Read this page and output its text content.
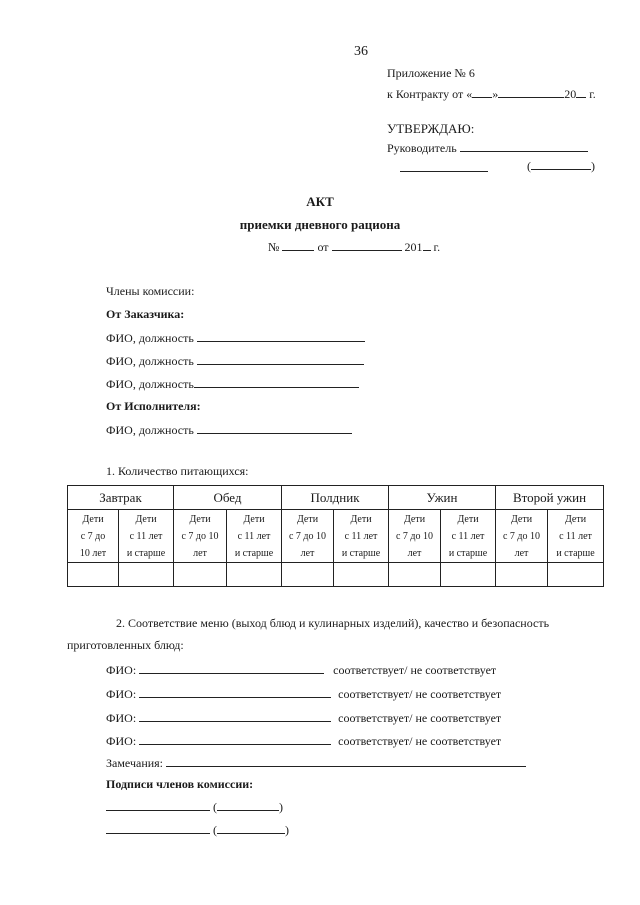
36
Приложение № 6
к Контракту от « »	20 г.
УТВЕРЖДАЮ:
Руководитель
(	)
АКТ
приемки дневного рациона
№	от	201 г.
Члены комиссии:
От Заказчика:
ФИО, должность
ФИО, должность
ФИО, должность
От Исполнителя:
ФИО, должность
1. Количество питающихся:
Завтрак		Обед		Полдник		Ужин		Второй ужин	

Дети
с 7 до
10 лет	Дети
с 11 лет
и старше	Дети
с 7 до 10
лет	Дети
с 11 лет
и старше	Дети
с 7 до 10
лет	Дети
с 11 лет
и старше	Дети
с 7 до 10
лет	Дети
с 11 лет
и старше	Дети
с 7 до 10
лет	Дети
с 11 лет
и старше

2. Соответствие меню (выход блюд и кулинарных изделий), качество и безопасность
приготовленных блюд:
ФИО:	соответствует/ не соответствует
ФИО:	соответствует/ не соответствует
ФИО:	соответствует/ не соответствует
ФИО:	соответствует/ не соответствует
Замечания:
Подписи членов комиссии:
(	)
(	)
